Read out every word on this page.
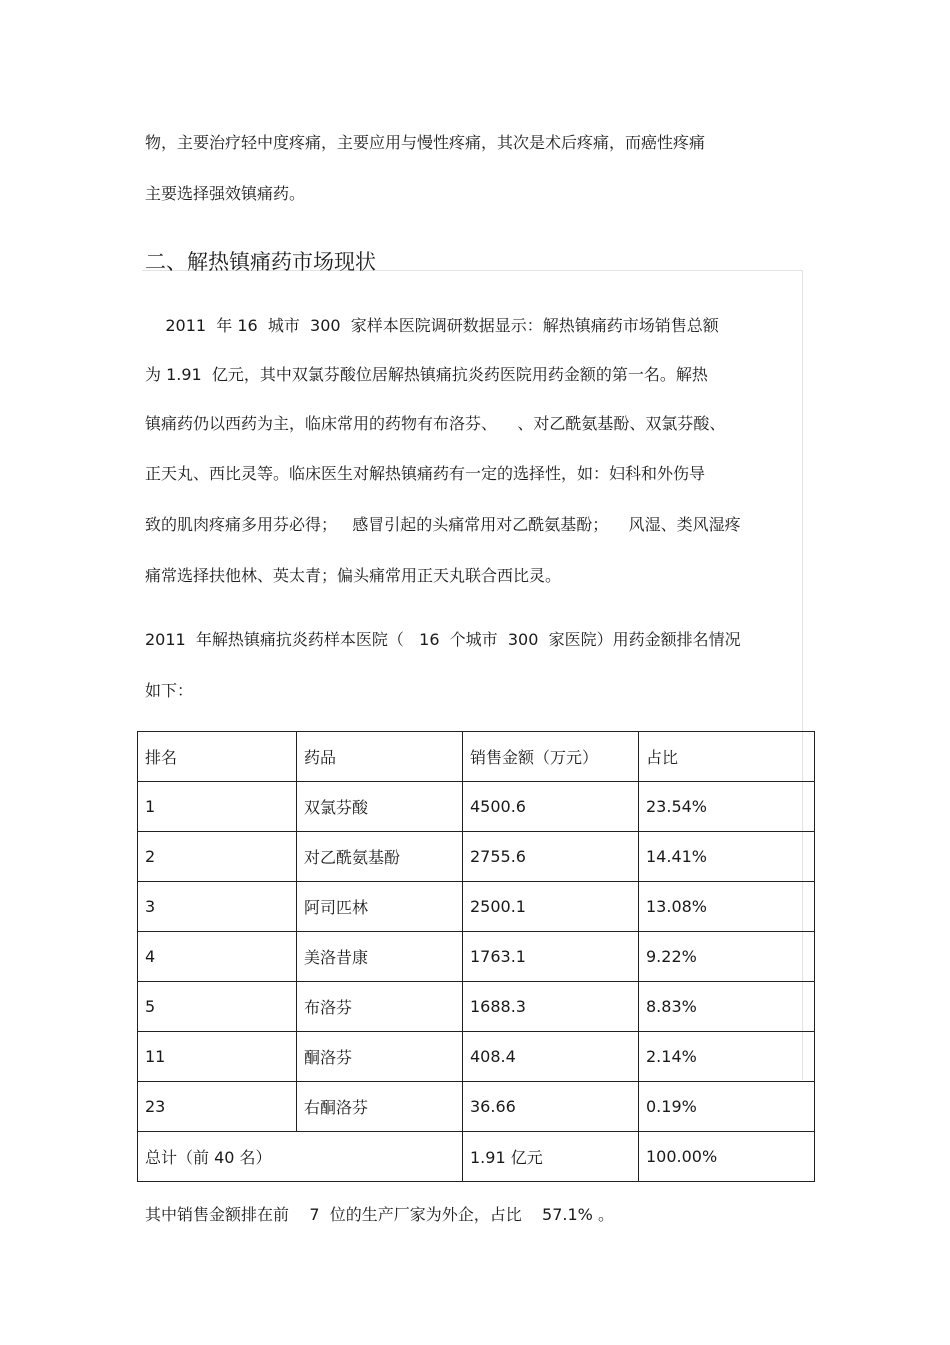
物，主要治疗轻中度疼痛，主要应用与慢性疼痛，其次是术后疼痛，而癌性疼痛

主要选择强效镇痛药。

二、解热镇痛药市场现状

2011  年 16  城市  300  家样本医院调研数据显示：解热镇痛药市场销售总额

为 1.91  亿元，其中双氯芬酸位居解热镇痛抗炎药医院用药金额的第一名。解热

镇痛药仍以西药为主，临床常用的药物有布洛芬、    、对乙酰氨基酚、双氯芬酸、

正天丸、西比灵等。临床医生对解热镇痛药有一定的选择性，如：妇科和外伤导

致的肌肉疼痛多用芬必得；   感冒引起的头痛常用对乙酰氨基酚；    风湿、类风湿疼

痛常选择扶他林、英太青；偏头痛常用正天丸联合西比灵。

2011  年解热镇痛抗炎药样本医院（   16  个城市  300  家医院）用药金额排名情况

如下：

排名	药品	销售金额（万元）	占比
1	双氯芬酸	4500.6	23.54%
2	对乙酰氨基酚	2755.6	14.41%
3	阿司匹林	2500.1	13.08%
4	美洛昔康	1763.1	9.22%
5	布洛芬	1688.3	8.83%
11	酮洛芬	408.4	2.14%
23	右酮洛芬	36.66	0.19%
总计（前 40 名）		1.91 亿元	100.00%

其中销售金额排在前    7  位的生产厂家为外企，占比    57.1% 。
